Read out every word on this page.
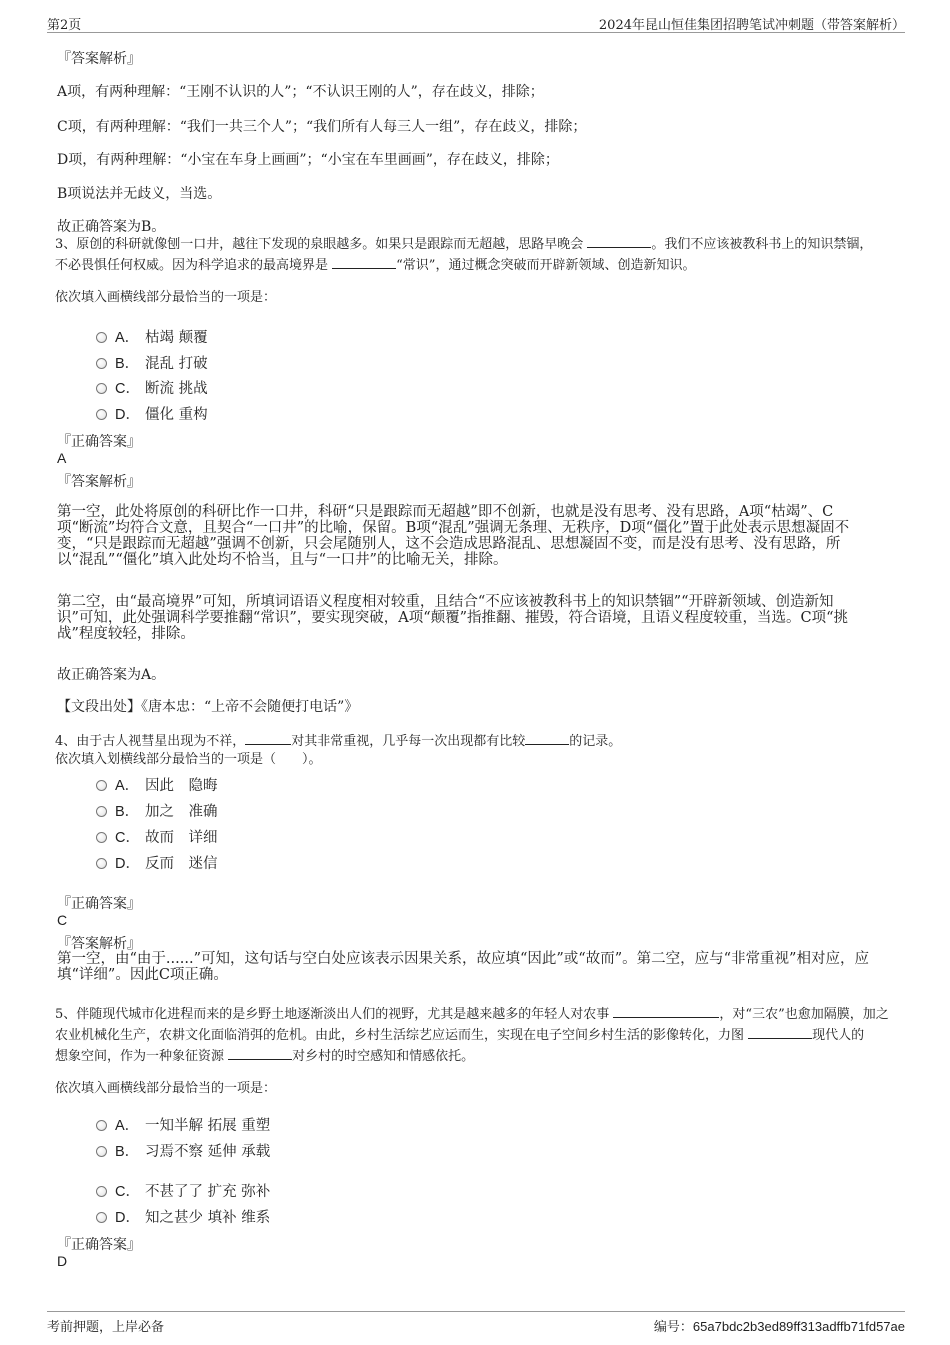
第2页	2024年昆山恒佳集团招聘笔试冲刺题（带答案解析）
『答案解析』
A项，有两种理解：“王刚不认识的人”；“不认识王刚的人”，存在歧义，排除；
C项，有两种理解：“我们一共三个人”；“我们所有人每三人一组”，存在歧义，排除；
D项，有两种理解：“小宝在车身上画画”；“小宝在车里画画”，存在歧义，排除；
B项说法并无歧义，当选。
故正确答案为B。
3、原创的科研就像刨一口井，越往下发现的泉眼越多。如果只是跟踪而无超越，思路早晚会	。我们不应该被教科书上的知识禁锢，
不必畏惧任何权威。因为科学追求的最高境界是	“常识”，通过概念突破而开辟新领域、创造新知识。
依次填入画横线部分最恰当的一项是：
A． 枯竭 颠覆
B． 混乱 打破
C． 断流 挑战
D． 僵化 重构
『正确答案』
A
『答案解析』
第一空，此处将原创的科研比作一口井，科研“只是跟踪而无超越”即不创新，也就是没有思考、没有思路，A项“枯竭”、C
项“断流”均符合文意，且契合“一口井”的比喻，保留。B项“混乱”强调无条理、无秩序，D项“僵化”置于此处表示思想凝固不
变，“只是跟踪而无超越”强调不创新，只会尾随别人，这不会造成思路混乱、思想凝固不变，而是没有思考、没有思路，所
以“混乱”“僵化”填入此处均不恰当，且与“一口井”的比喻无关，排除。
第二空，由“最高境界”可知，所填词语语义程度相对较重，且结合“不应该被教科书上的知识禁锢”“开辟新领域、创造新知
识”可知，此处强调科学要推翻“常识”，要实现突破，A项“颠覆”指推翻、摧毁，符合语境，且语义程度较重，当选。C项“挑
战”程度较轻，排除。
故正确答案为A。
【文段出处】《唐本忠：“上帝不会随便打电话”》
4、由于古人视彗星出现为不祥，	对其非常重视，几乎每一次出现都有比较	的记录。
依次填入划横线部分最恰当的一项是（　　）。
A． 因此　隐晦
B． 加之　准确
C． 故而　详细
D． 反而　迷信
『正确答案』
C
『答案解析』
第一空，由“由于......”可知，这句话与空白处应该表示因果关系，故应填“因此”或“故而”。第二空，应与“非常重视”相对应，应
填“详细”。因此C项正确。
5、伴随现代城市化进程而来的是乡野土地逐渐淡出人们的视野，尤其是越来越多的年轻人对农事	，对“三农”也愈加隔膜，加之
农业机械化生产，农耕文化面临消弭的危机。由此，乡村生活综艺应运而生，实现在电子空间乡村生活的影像转化，力图	现代人的
想象空间，作为一种象征资源	对乡村的时空感知和情感依托。
依次填入画横线部分最恰当的一项是：
A． 一知半解 拓展 重塑
B． 习焉不察 延伸 承载
C． 不甚了了 扩充 弥补
D． 知之甚少 填补 维系
『正确答案』
D
考前押题，上岸必备	编号：65a7bdc2b3ed89ff313adffb71fd57ae
